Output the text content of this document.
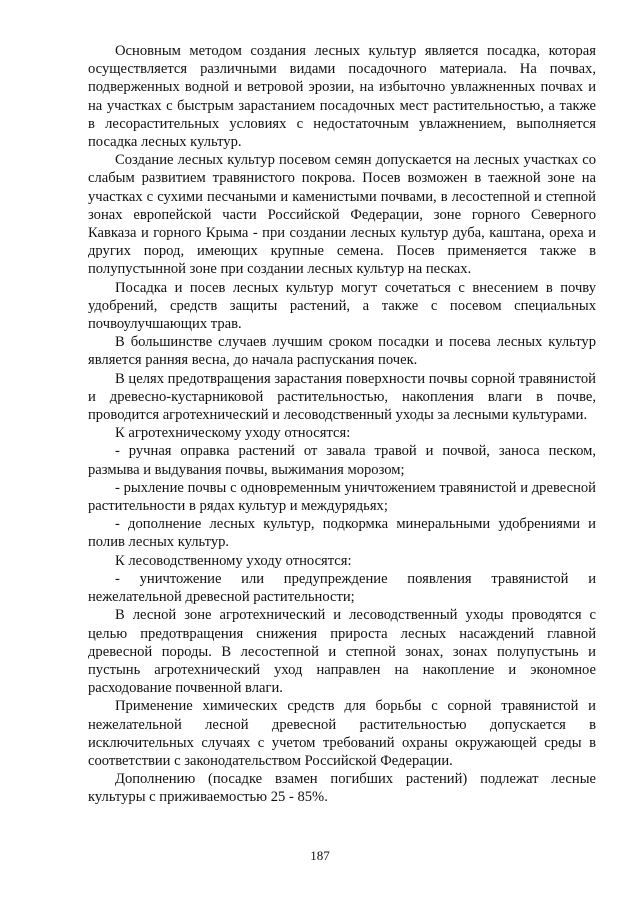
Основным методом создания лесных культур является посадка, которая осуществляется различными видами посадочного материала. На почвах, подверженных водной и ветровой эрозии, на избыточно увлажненных почвах и на участках с быстрым зарастанием посадочных мест растительностью, а также в лесорастительных условиях с недостаточным увлажнением, выполняется посадка лесных культур.

Создание лесных культур посевом семян допускается на лесных участках со слабым развитием травянистого покрова. Посев возможен в таежной зоне на участках с сухими песчаными и каменистыми почвами, в лесостепной и степной зонах европейской части Российской Федерации, зоне горного Северного Кавказа и горного Крыма - при создании лесных культур дуба, каштана, ореха и других пород, имеющих крупные семена. Посев применяется также в полупустынной зоне при создании лесных культур на песках.

Посадка и посев лесных культур могут сочетаться с внесением в почву удобрений, средств защиты растений, а также с посевом специальных почвоулучшающих трав.

В большинстве случаев лучшим сроком посадки и посева лесных культур является ранняя весна, до начала распускания почек.

В целях предотвращения зарастания поверхности почвы сорной травянистой и древесно-кустарниковой растительностью, накопления влаги в почве, проводится агротехнический и лесоводственный уходы за лесными культурами.

К агротехническому уходу относятся:

- ручная оправка растений от завала травой и почвой, заноса песком, размыва и выдувания почвы, выжимания морозом;

- рыхление почвы с одновременным уничтожением травянистой и древесной растительности в рядах культур и междурядьях;

- дополнение лесных культур, подкормка минеральными удобрениями и полив лесных культур.

К лесоводственному уходу относятся:

- уничтожение или предупреждение появления травянистой и нежелательной древесной растительности;

В лесной зоне агротехнический и лесоводственный уходы проводятся с целью предотвращения снижения прироста лесных насаждений главной древесной породы. В лесостепной и степной зонах, зонах полупустынь и пустынь агротехнический уход направлен на накопление и экономное расходование почвенной влаги.

Применение химических средств для борьбы с сорной травянистой и нежелательной лесной древесной растительностью допускается в исключительных случаях с учетом требований охраны окружающей среды в соответствии с законодательством Российской Федерации.

Дополнению (посадке взамен погибших растений) подлежат лесные культуры с приживаемостью 25 - 85%.

187
